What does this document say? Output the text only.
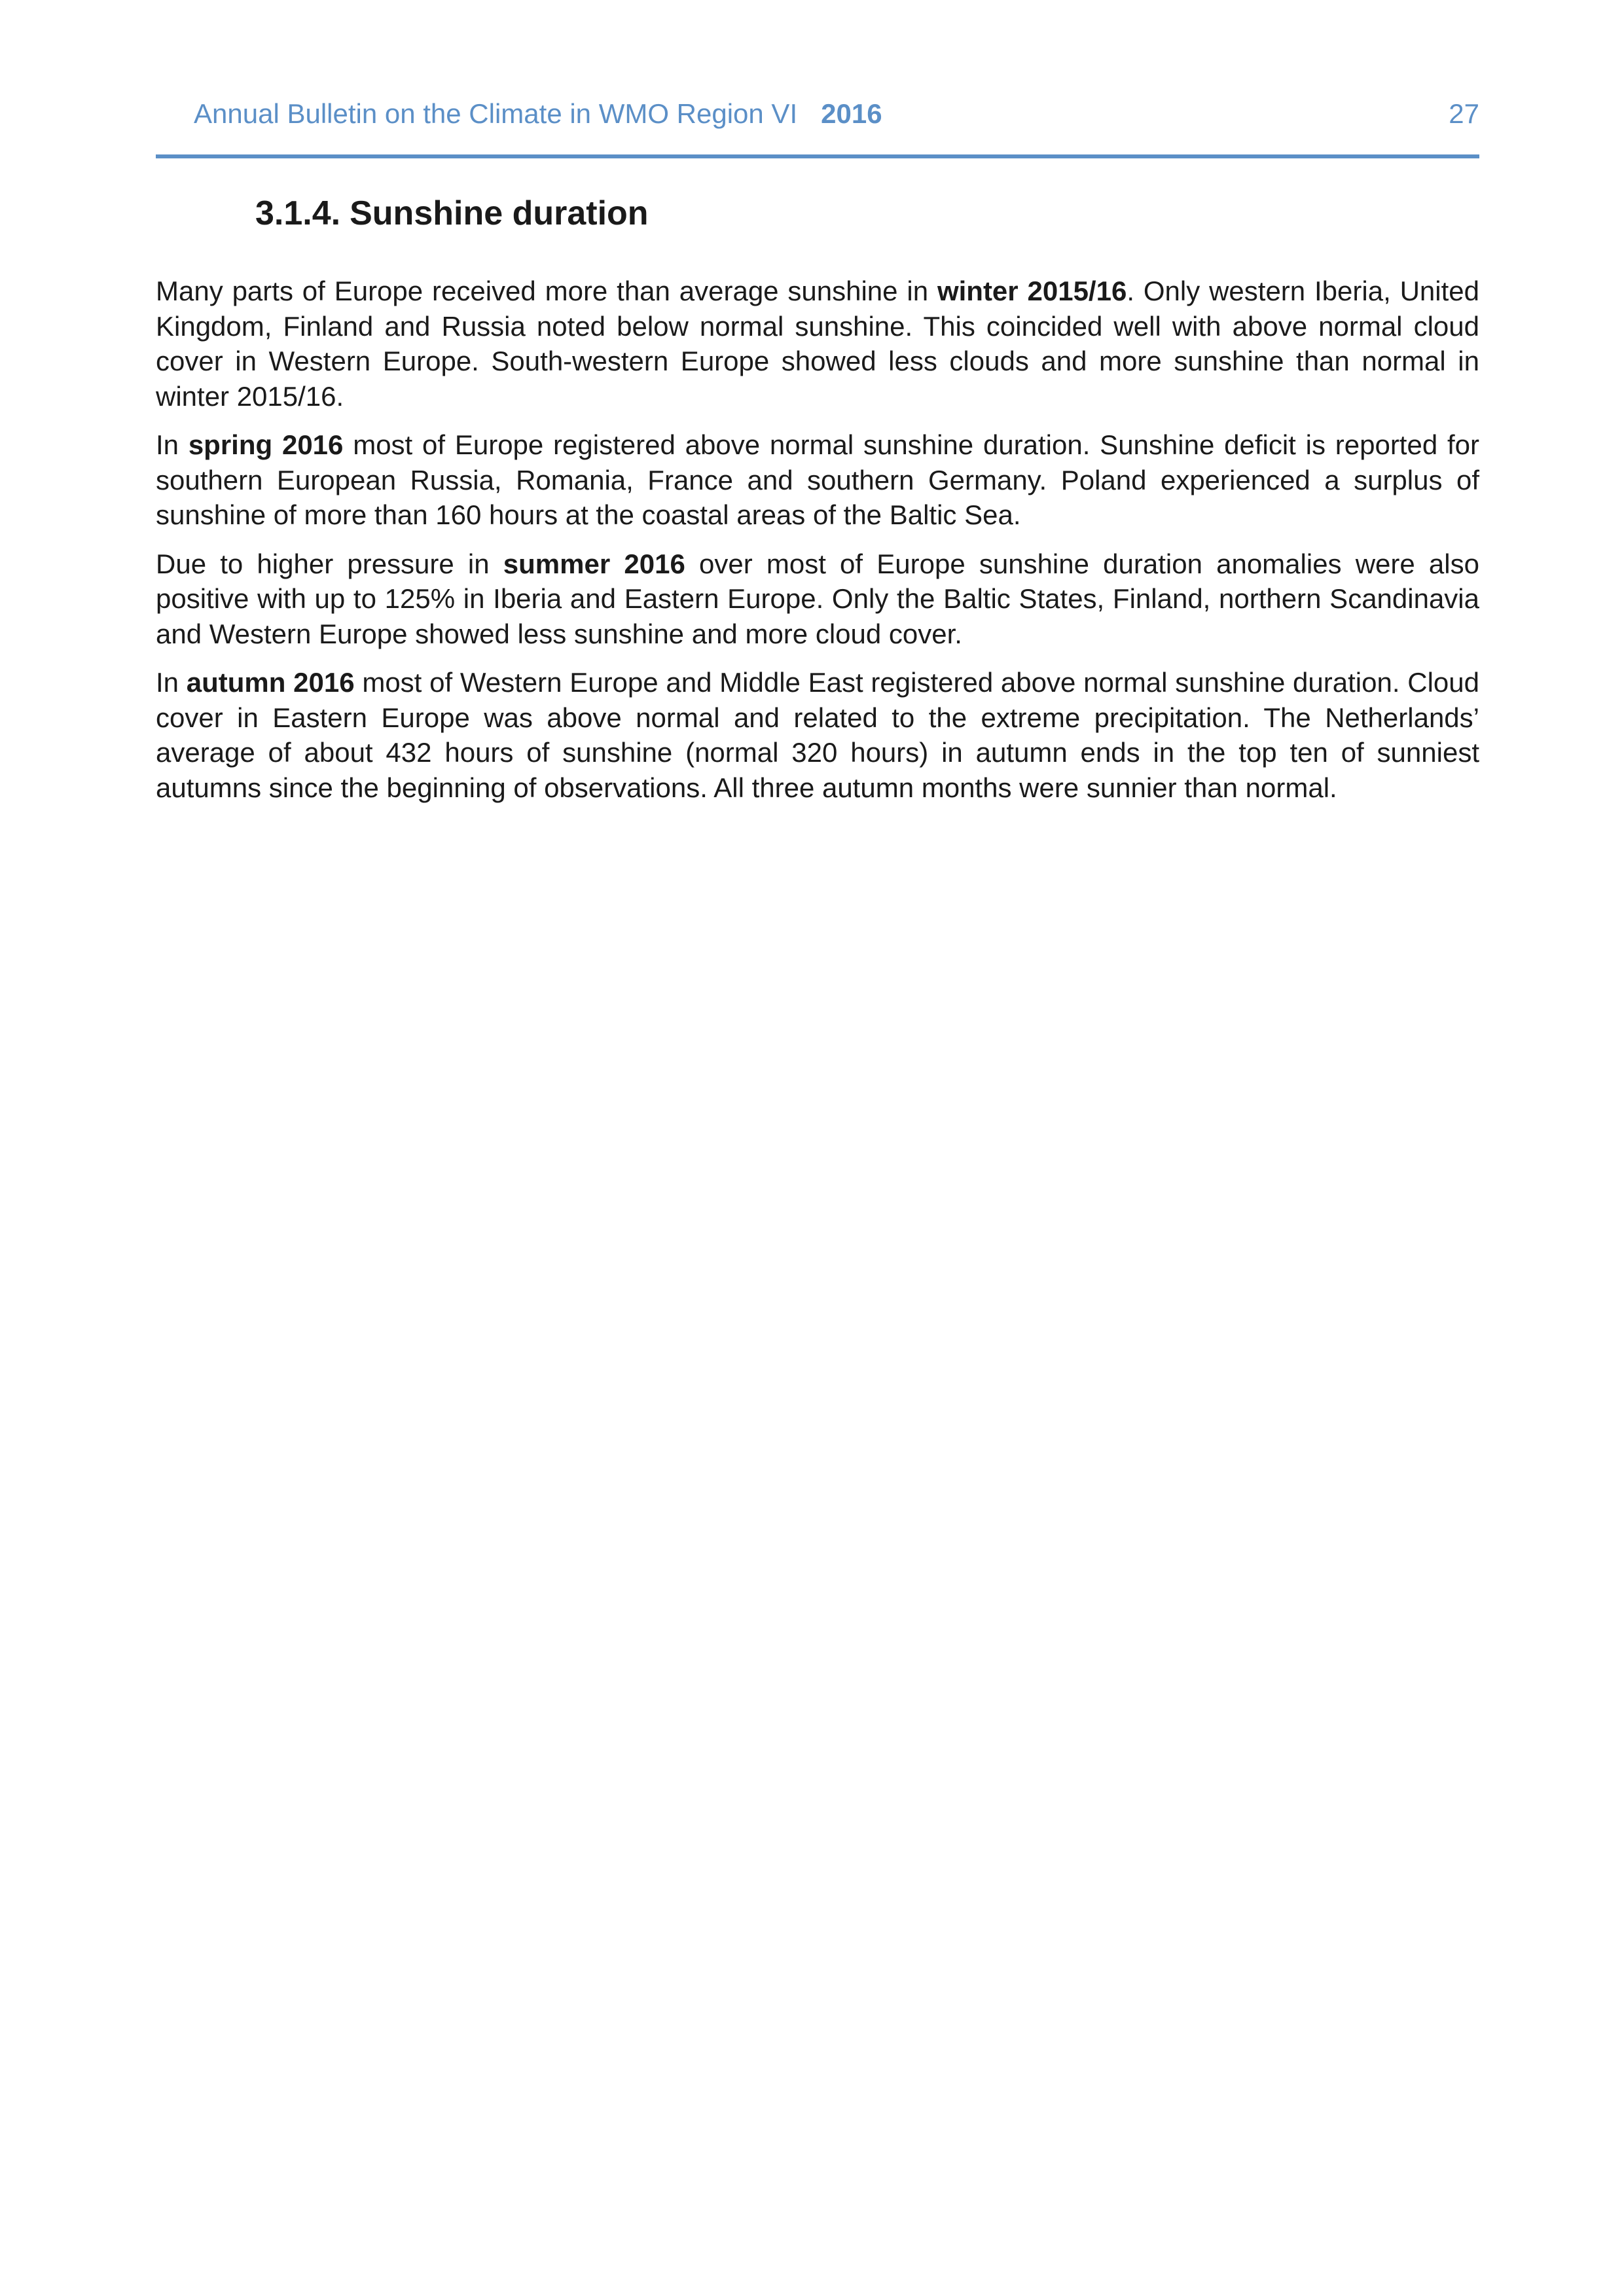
Annual Bulletin on the Climate in WMO Region VI 2016	27
3.1.4. Sunshine duration

Many parts of Europe received more than average sunshine in winter 2015/16. Only western Iberia, United Kingdom, Finland and Russia noted below normal sunshine. This coincided well with above normal cloud cover in Western Europe. South-western Europe showed less clouds and more sunshine than normal in winter 2015/16.

In spring 2016 most of Europe registered above normal sunshine duration. Sunshine deficit is reported for southern European Russia, Romania, France and southern Germany. Poland experienced a surplus of sunshine of more than 160 hours at the coastal areas of the Baltic Sea.

Due to higher pressure in summer 2016 over most of Europe sunshine duration anomalies were also positive with up to 125% in Iberia and Eastern Europe. Only the Baltic States, Finland, northern Scandinavia and Western Europe showed less sunshine and more cloud cover.

In autumn 2016 most of Western Europe and Middle East registered above normal sunshine duration. Cloud cover in Eastern Europe was above normal and related to the extreme precipitation. The Netherlands’ average of about 432 hours of sunshine (normal 320 hours) in autumn ends in the top ten of sunniest autumns since the beginning of observations. All three autumn months were sunnier than normal.
